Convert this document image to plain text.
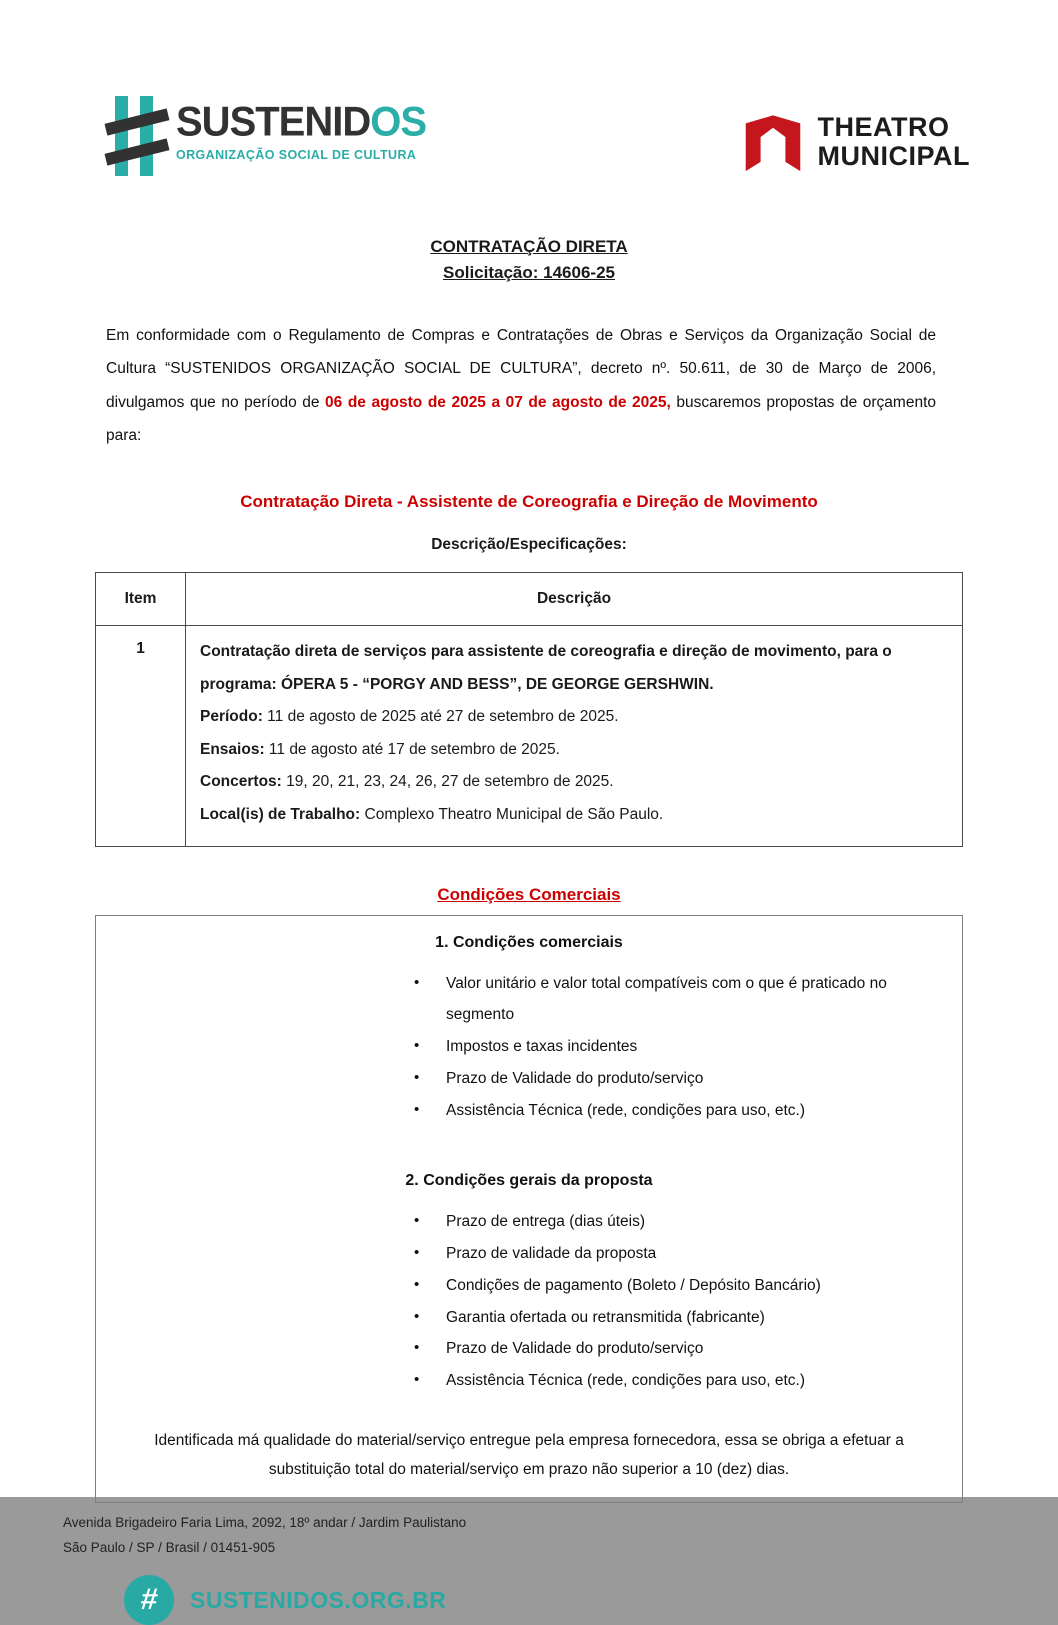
SUSTENIDOS
ORGANIZAÇÃO SOCIAL DE CULTURA
THEATRO
MUNICIPAL
CONTRATAÇÃO DIRETA
Solicitação: 14606-25

Em conformidade com o Regulamento de Compras e Contratações de Obras e Serviços da Organização Social de Cultura “SUSTENIDOS ORGANIZAÇÃO SOCIAL DE CULTURA”, decreto nº. 50.611, de 30 de Março de 2006, divulgamos que no período de 06 de agosto de 2025 a 07 de agosto de 2025, buscaremos propostas de orçamento para:

Contratação Direta - Assistente de Coreografia e Direção de Movimento
Descrição/Especificações:
Item	Descrição
1	Contratação direta de serviços para assistente de coreografia e direção de movimento, para o programa: ÓPERA 5 - “PORGY AND BESS”, DE GEORGE GERSHWIN.
Período: 11 de agosto de 2025 até 27 de setembro de 2025.
Ensaios: 11 de agosto até 17 de setembro de 2025.
Concertos: 19, 20, 21, 23, 24, 26, 27 de setembro de 2025.
Local(is) de Trabalho: Complexo Theatro Municipal de São Paulo.
Condições Comerciais
1. Condições comerciais
•	Valor unitário e valor total compatíveis com o que é praticado no segmento
•	Impostos e taxas incidentes
•	Prazo de Validade do produto/serviço
•	Assistência Técnica (rede, condições para uso, etc.)
2. Condições gerais da proposta
•	Prazo de entrega (dias úteis)
•	Prazo de validade da proposta
•	Condições de pagamento (Boleto / Depósito Bancário)
•	Garantia ofertada ou retransmitida (fabricante)
•	Prazo de Validade do produto/serviço
•	Assistência Técnica (rede, condições para uso, etc.)
Identificada má qualidade do material/serviço entregue pela empresa fornecedora, essa se obriga a efetuar a substituição total do material/serviço em prazo não superior a 10 (dez) dias.
Avenida Brigadeiro Faria Lima, 2092, 18º andar / Jardim Paulistano
São Paulo / SP / Brasil / 01451-905
# SUSTENIDOS.ORG.BR
